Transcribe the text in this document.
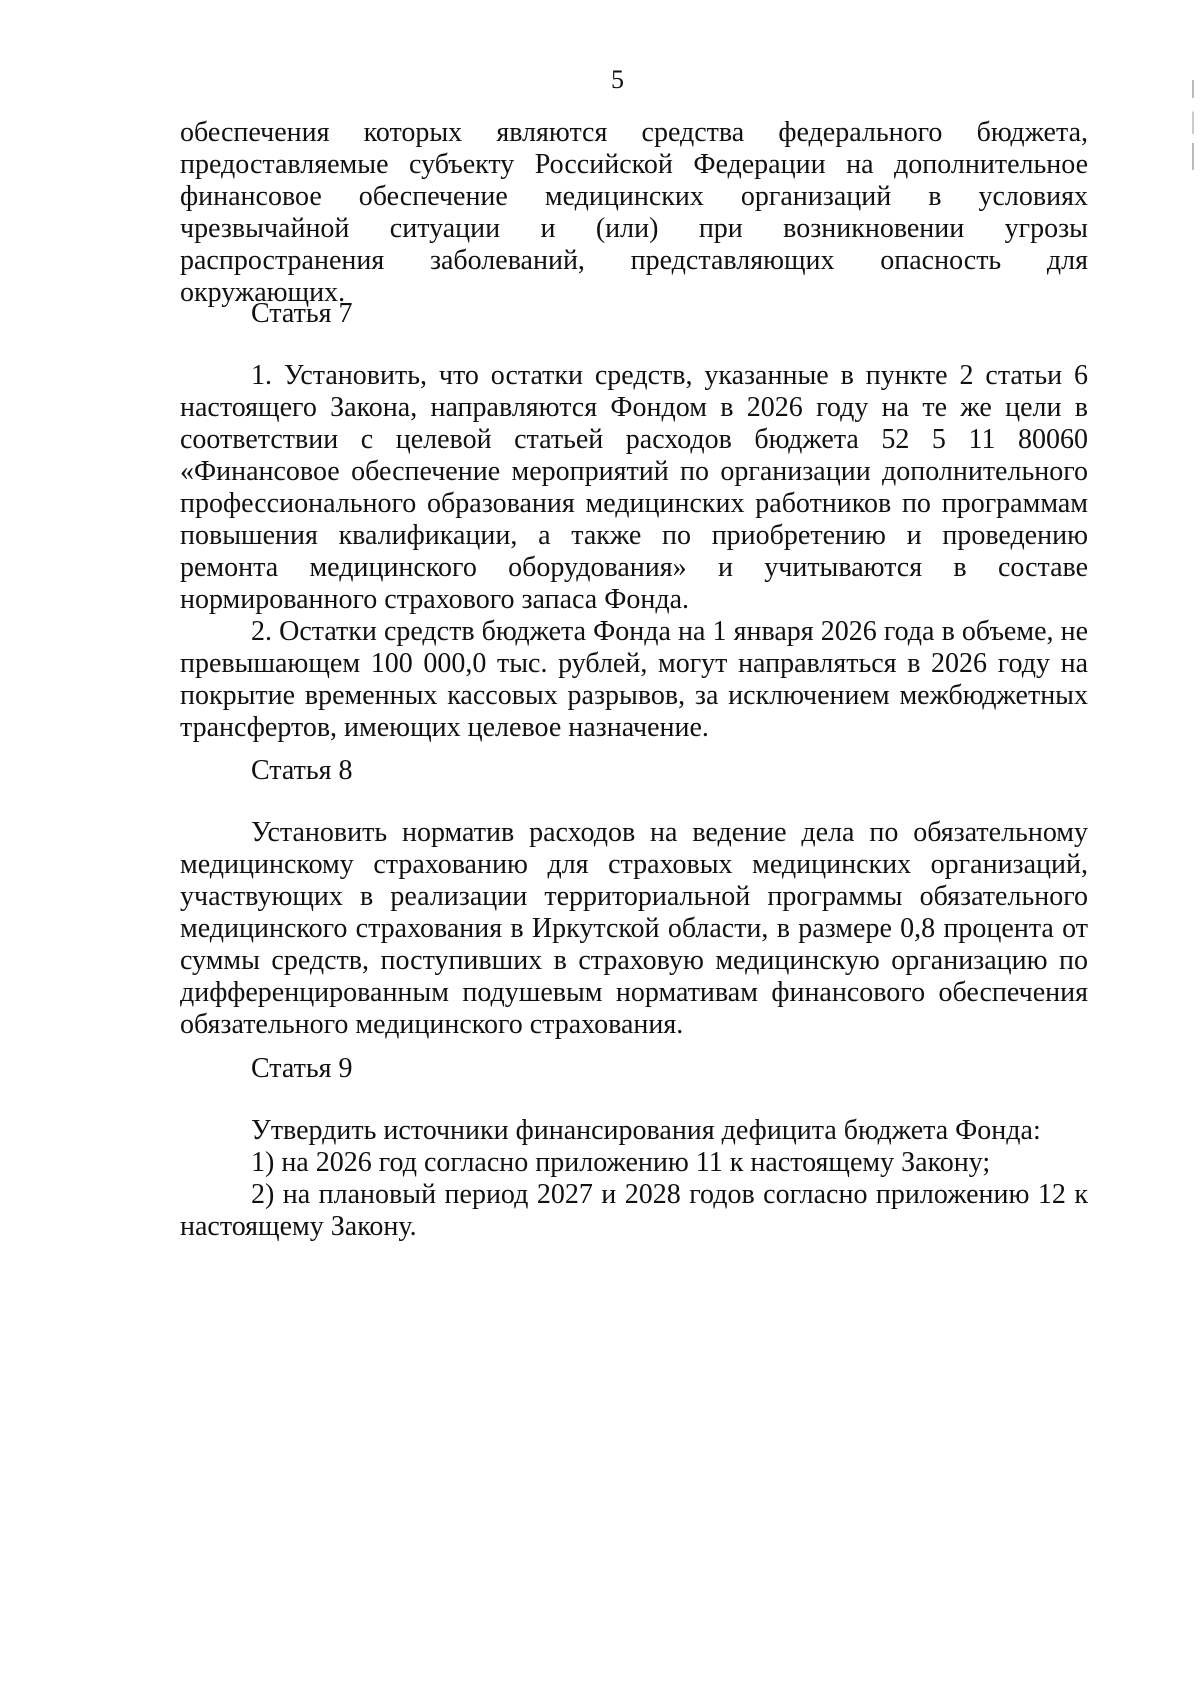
5

обеспечения которых являются средства федерального бюджета, предоставляемые субъекту Российской Федерации на дополнительное финансовое обеспечение медицинских организаций в условиях чрезвычайной ситуации и (или) при возникновении угрозы распространения заболеваний, представляющих опасность для окружающих.

Статья 7

1. Установить, что остатки средств, указанные в пункте 2 статьи 6 настоящего Закона, направляются Фондом в 2026 году на те же цели в соответствии с целевой статьей расходов бюджета 52 5 11 80060 «Финансовое обеспечение мероприятий по организации дополнительного профессионального образования медицинских работников по программам повышения квалификации, а также по приобретению и проведению ремонта медицинского оборудования» и учитываются в составе нормированного страхового запаса Фонда.

2. Остатки средств бюджета Фонда на 1 января 2026 года в объеме, не превышающем 100 000,0 тыс. рублей, могут направляться в 2026 году на покрытие временных кассовых разрывов, за исключением межбюджетных трансфертов, имеющих целевое назначение.

Статья 8

Установить норматив расходов на ведение дела по обязательному медицинскому страхованию для страховых медицинских организаций, участвующих в реализации территориальной программы обязательного медицинского страхования в Иркутской области, в размере 0,8 процента от суммы средств, поступивших в страховую медицинскую организацию по дифференцированным подушевым нормативам финансового обеспечения обязательного медицинского страхования.

Статья 9

Утвердить источники финансирования дефицита бюджета Фонда:

1) на 2026 год согласно приложению 11 к настоящему Закону;

2) на плановый период 2027 и 2028 годов согласно приложению 12 к настоящему Закону.
